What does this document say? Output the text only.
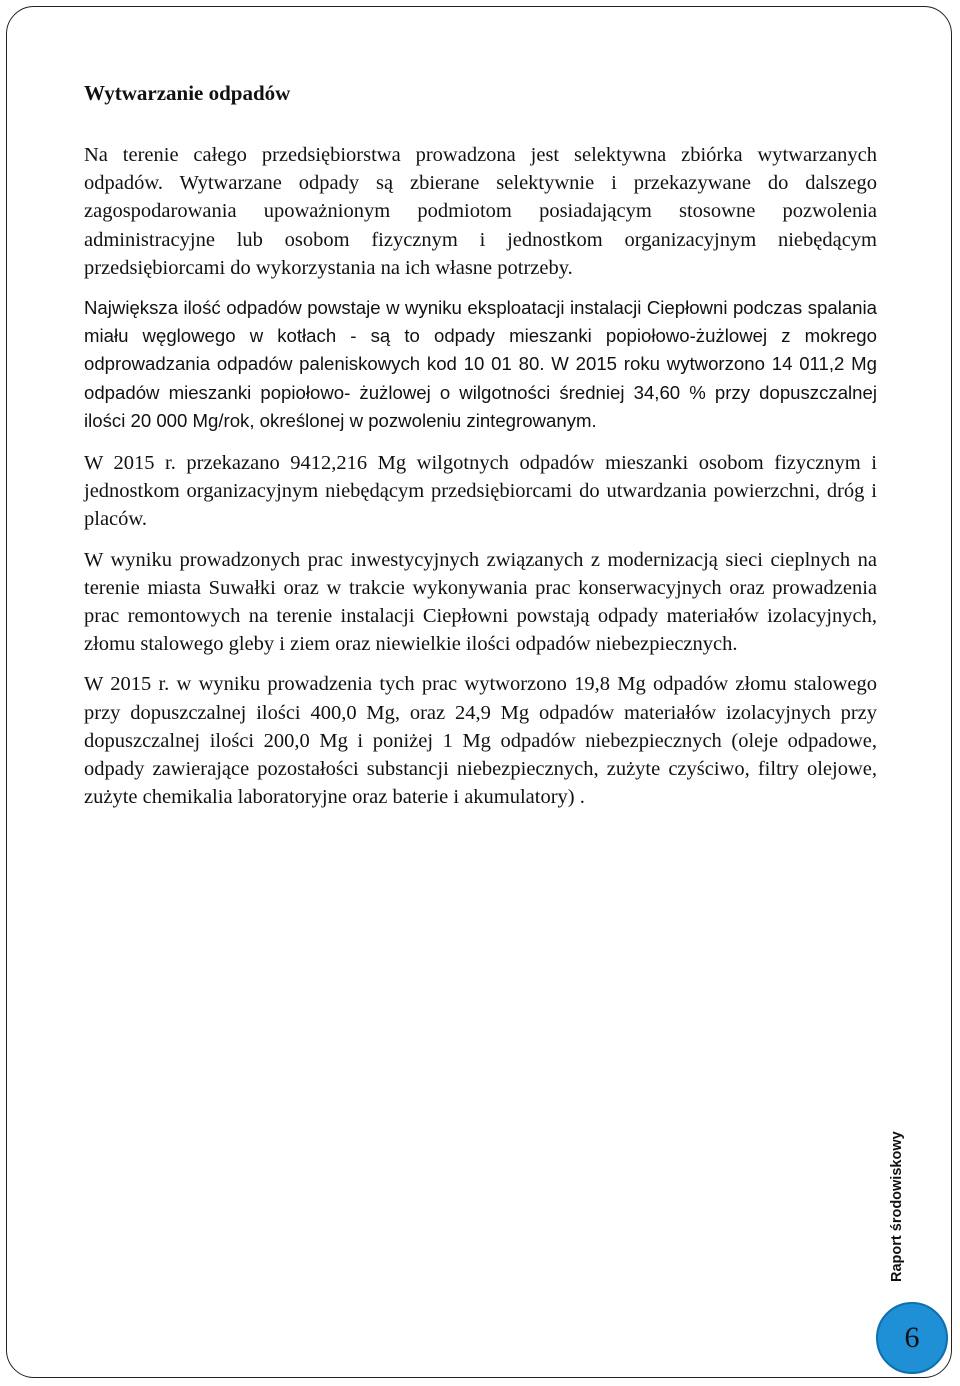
Wytwarzanie odpadów

Na terenie całego przedsiębiorstwa prowadzona jest selektywna zbiórka wytwarzanych odpadów. Wytwarzane odpady są zbierane selektywnie i przekazywane do dalszego zagospodarowania upoważnionym podmiotom posiadającym stosowne pozwolenia administracyjne lub osobom fizycznym i jednostkom organizacyjnym niebędącym przedsiębiorcami do wykorzystania na ich własne potrzeby.

Największa ilość odpadów powstaje w wyniku eksploatacji instalacji Ciepłowni podczas spalania miału węglowego w kotłach - są to odpady mieszanki popiołowo-żużlowej z mokrego odprowadzania odpadów paleniskowych kod 10 01 80. W 2015 roku wytworzono 14 011,2 Mg odpadów mieszanki popiołowo- żużlowej o wilgotności średniej 34,60 % przy dopuszczalnej ilości 20 000 Mg/rok, określonej w pozwoleniu zintegrowanym.

W 2015 r. przekazano 9412,216 Mg wilgotnych odpadów mieszanki osobom fizycznym i jednostkom organizacyjnym niebędącym przedsiębiorcami do utwardzania powierzchni, dróg i placów.

W wyniku prowadzonych prac inwestycyjnych związanych z modernizacją sieci cieplnych na terenie miasta Suwałki oraz w trakcie wykonywania prac konserwacyjnych oraz prowadzenia prac remontowych na terenie instalacji Ciepłowni powstają odpady materiałów izolacyjnych, złomu stalowego gleby i ziem oraz niewielkie ilości odpadów niebezpiecznych.

W 2015 r. w wyniku prowadzenia tych prac wytworzono 19,8 Mg odpadów złomu stalowego przy dopuszczalnej ilości 400,0 Mg, oraz 24,9 Mg odpadów materiałów izolacyjnych przy dopuszczalnej ilości 200,0 Mg i poniżej 1 Mg odpadów niebezpiecznych (oleje odpadowe, odpady zawierające pozostałości substancji niebezpiecznych, zużyte czyściwo, filtry olejowe, zużyte chemikalia laboratoryjne oraz baterie i akumulatory) .

Raport środowiskowy
6
